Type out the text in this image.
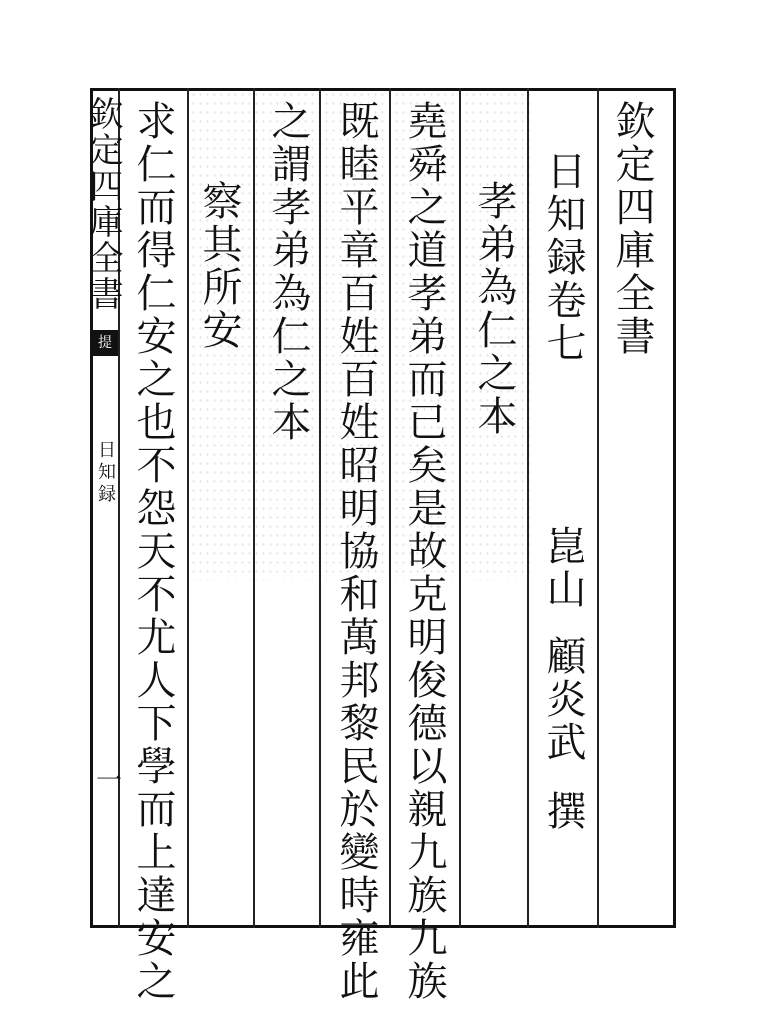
欽定四庫全書
提
日知録
一
欽定四庫全書
日知録卷七
崑山
顧炎武
撰
孝弟為仁之本
堯舜之道孝弟而已矣是故克明俊德以親九族九族
既睦平章百姓百姓昭明協和萬邦黎民於變時雍此
之謂孝弟為仁之本
察其所安
求仁而得仁安之也不怨天不尤人下學而上達安之
